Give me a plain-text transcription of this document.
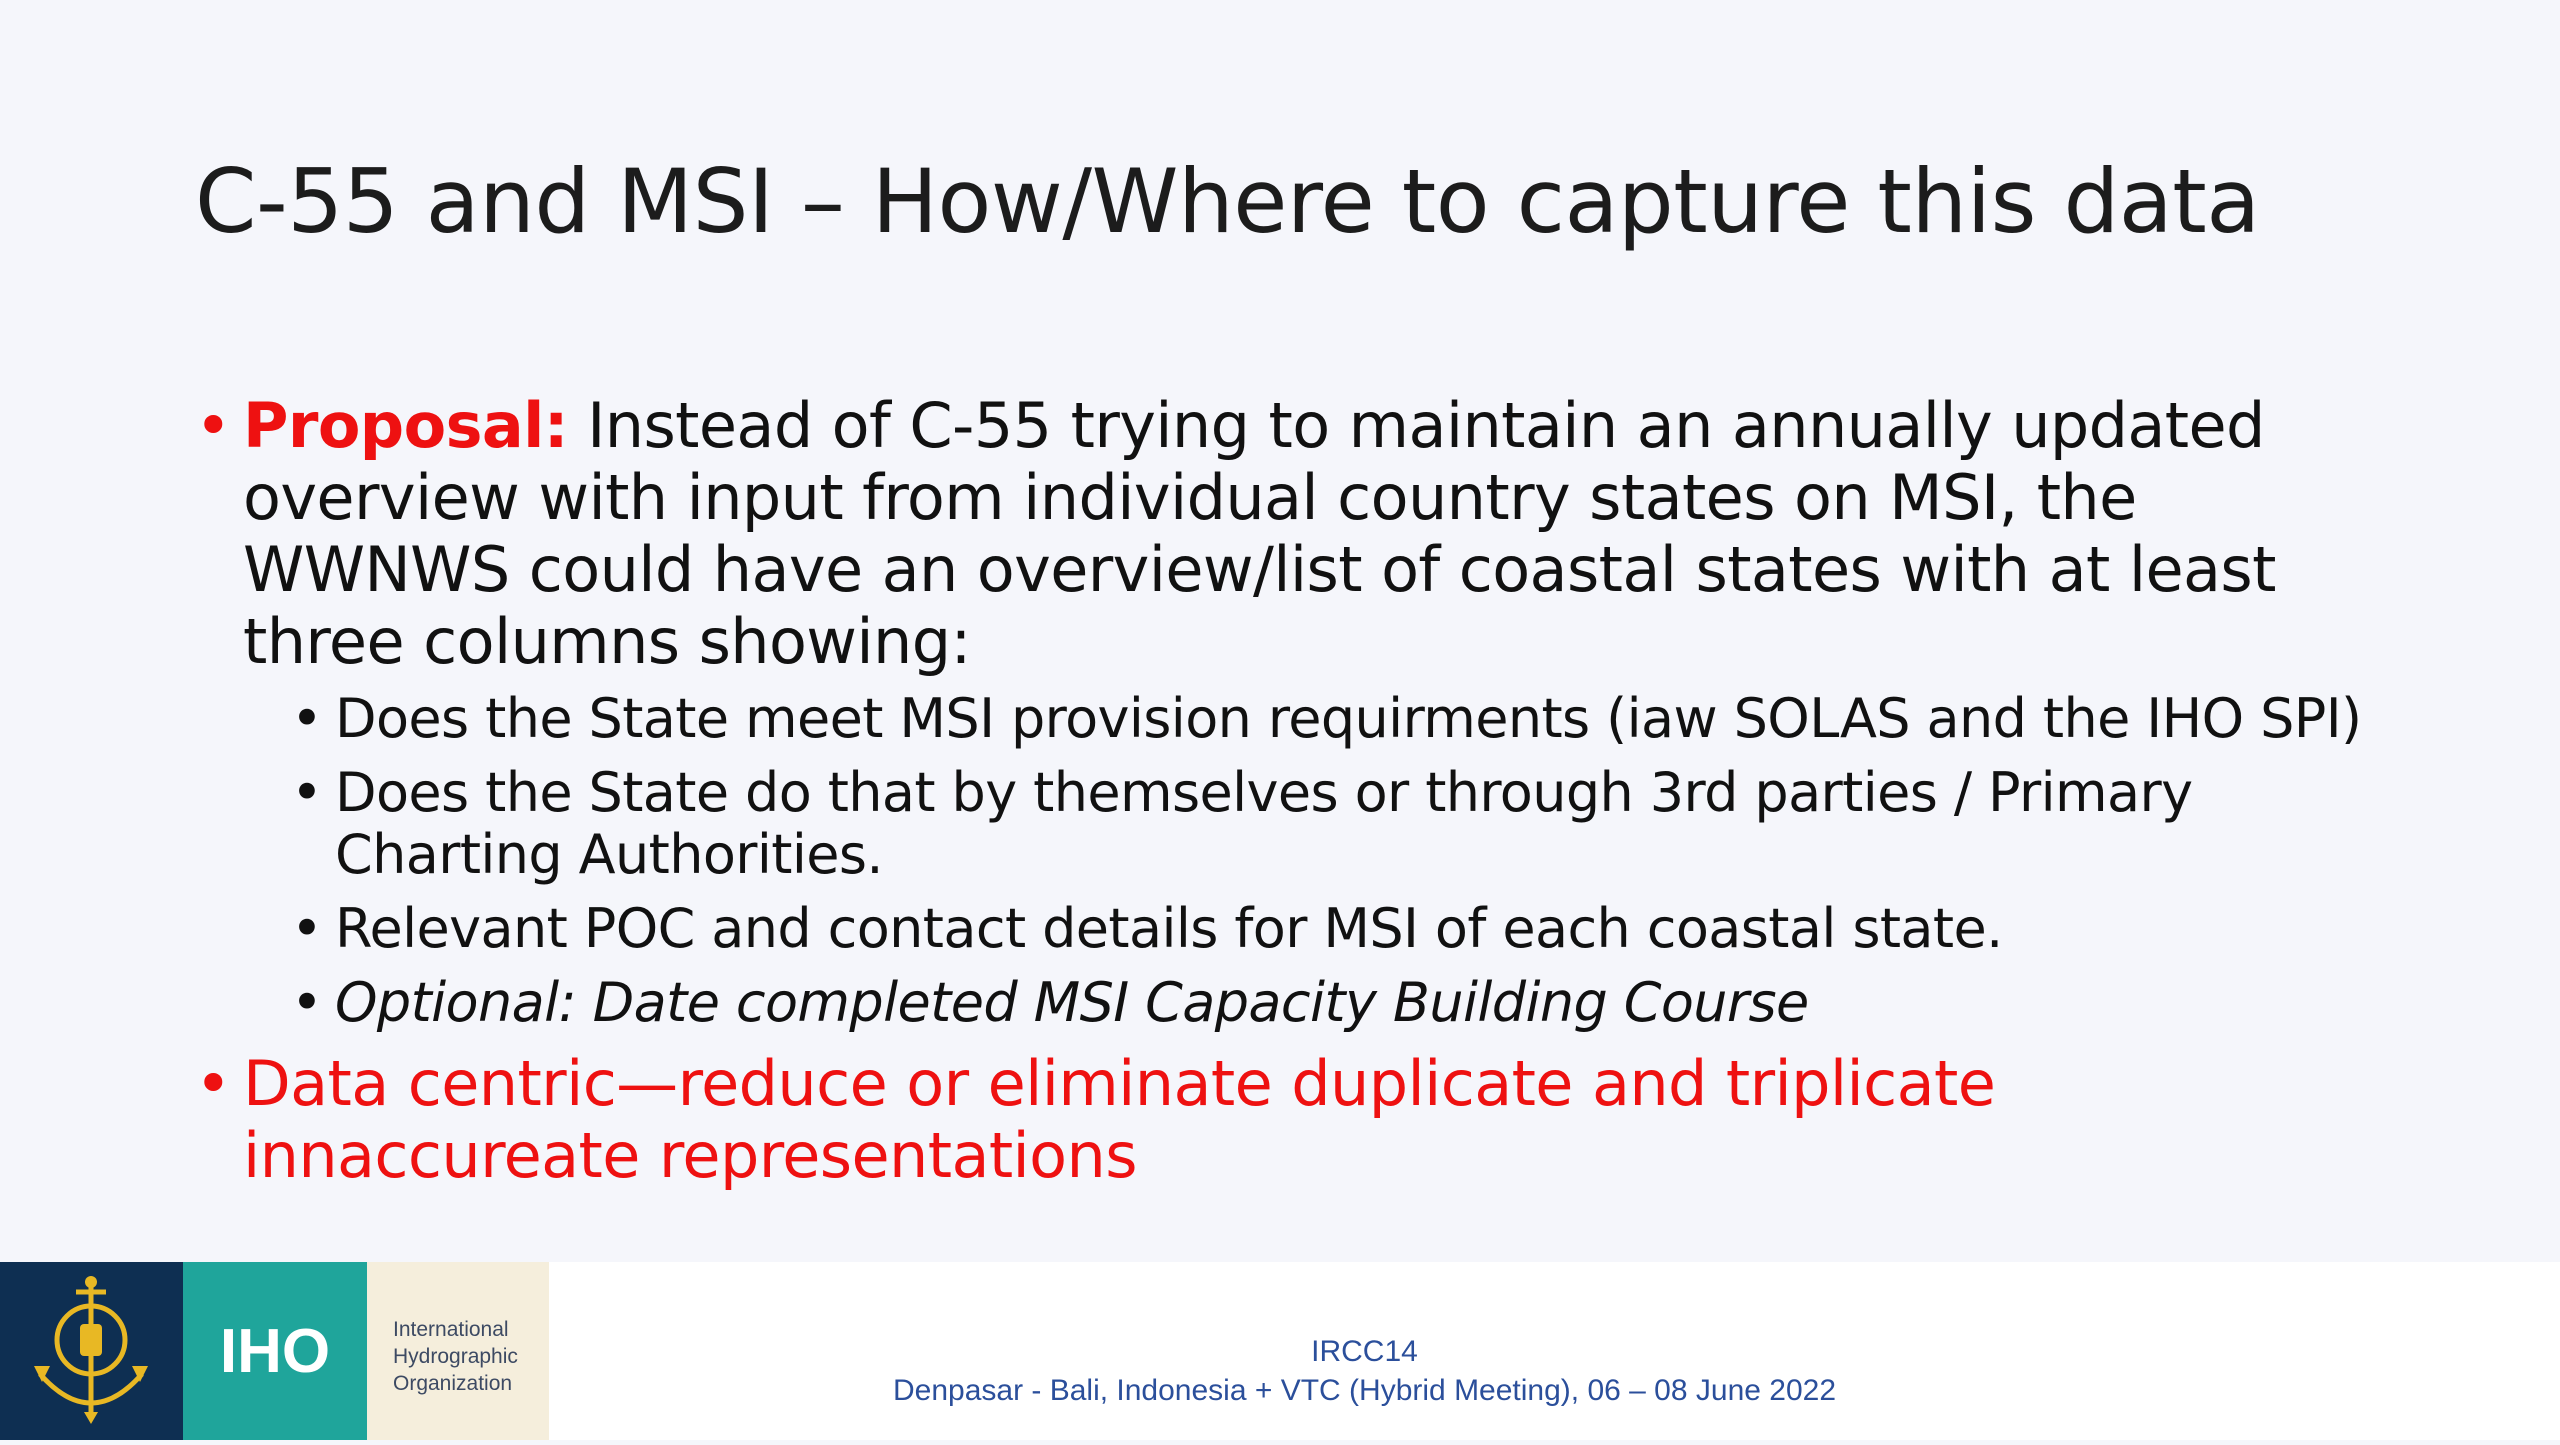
C-55 and MSI – How/Where to capture this data
• Proposal: Instead of C-55 trying to maintain an annually updated overview with input from individual country states on MSI, the WWNWS could have an overview/list of coastal states with at least three columns showing:
• Does the State meet MSI provision requirments (iaw SOLAS and the IHO SPI)
• Does the State do that by themselves or through 3rd parties / Primary Charting Authorities.
• Relevant POC and contact details for MSI of each coastal state.
• Optional: Date completed MSI Capacity Building Course
• Data centric—reduce or eliminate duplicate and triplicate innaccureate representations
IHO	International
Hydrographic
Organization
IRCC14
Denpasar - Bali, Indonesia + VTC (Hybrid Meeting), 06 – 08 June 2022
